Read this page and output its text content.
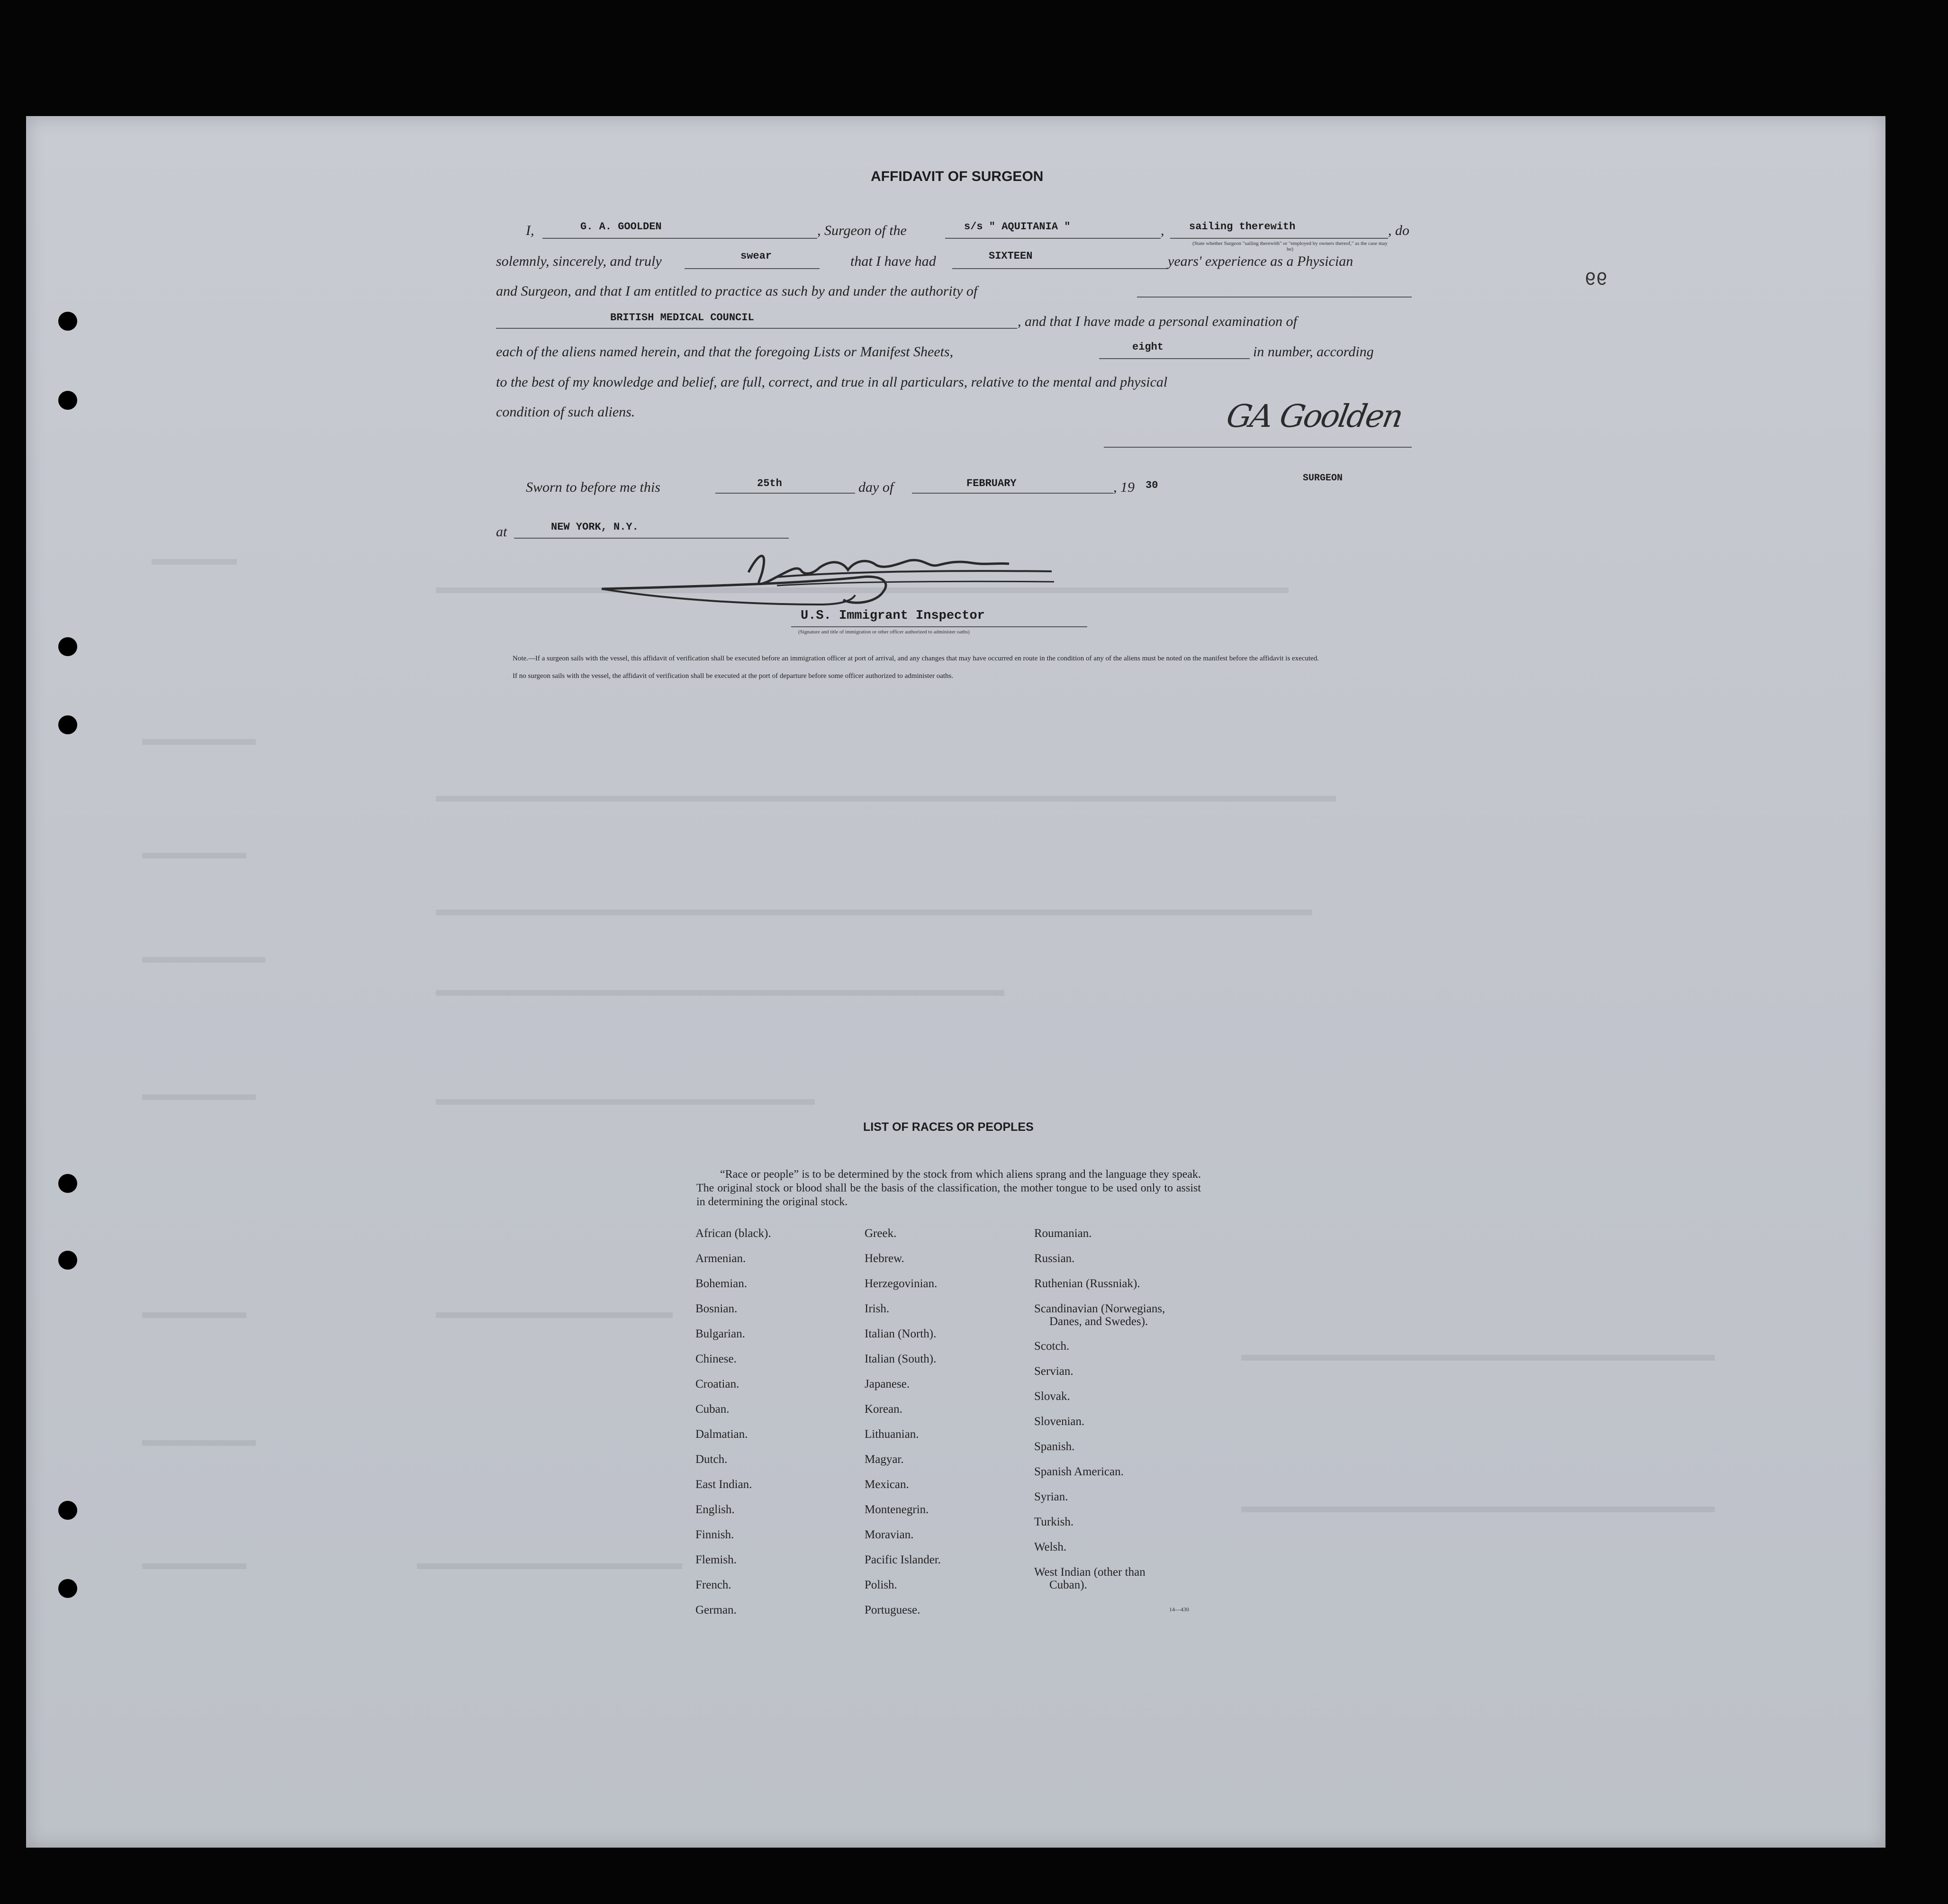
66
AFFIDAVIT OF SURGEON
I,	G. A. GOOLDEN	, Surgeon of the	s/s " AQUITANIA "	, sailing therewith	, do
(State whether Surgeon "sailing therewith" or "employed by owners thereof," as the case may be)
solemnly, sincerely, and truly	swear	that I have had	SIXTEEN	years' experience as a Physician
and Surgeon, and that I am entitled to practice as such by and under the authority of
BRITISH MEDICAL COUNCIL	, and that I have made a personal examination of
each of the aliens named herein, and that the foregoing Lists or Manifest Sheets,	eight	in number, according
to the best of my knowledge and belief, are full, correct, and true in all particulars, relative to the mental and physical
condition of such aliens.	GA Goolden
Sworn to before me this	25th	day of	FEBRUARY	, 19 30
SURGEON
at	NEW YORK, N.Y.
U.S. Immigrant Inspector
(Signature and title of immigration or other officer authorized to administer oaths)
Note.—If a surgeon sails with the vessel, this affidavit of verification shall be executed before an immigration officer at port of arrival, and any changes that may have occurred en route in the condition of any of the aliens must be noted on the manifest before the affidavit is executed.
If no surgeon sails with the vessel, the affidavit of verification shall be executed at the port of departure before some officer authorized to administer oaths.
LIST OF RACES OR PEOPLES
“Race or people” is to be determined by the stock from which aliens sprang and the language they speak. The original stock or blood shall be the basis of the classification, the mother tongue to be used only to assist in determining the original stock.
African (black).
Armenian.
Bohemian.
Bosnian.
Bulgarian.
Chinese.
Croatian.
Cuban.
Dalmatian.
Dutch.
East Indian.
English.
Finnish.
Flemish.
French.
German.
Greek.
Hebrew.
Herzegovinian.
Irish.
Italian (North).
Italian (South).
Japanese.
Korean.
Lithuanian.
Magyar.
Mexican.
Montenegrin.
Moravian.
Pacific Islander.
Polish.
Portuguese.
Roumanian.
Russian.
Ruthenian (Russniak).
Scandinavian (Norwegians,
Danes, and Swedes).
Scotch.
Servian.
Slovak.
Slovenian.
Spanish.
Spanish American.
Syrian.
Turkish.
Welsh.
West Indian (other than
Cuban).
14—430
